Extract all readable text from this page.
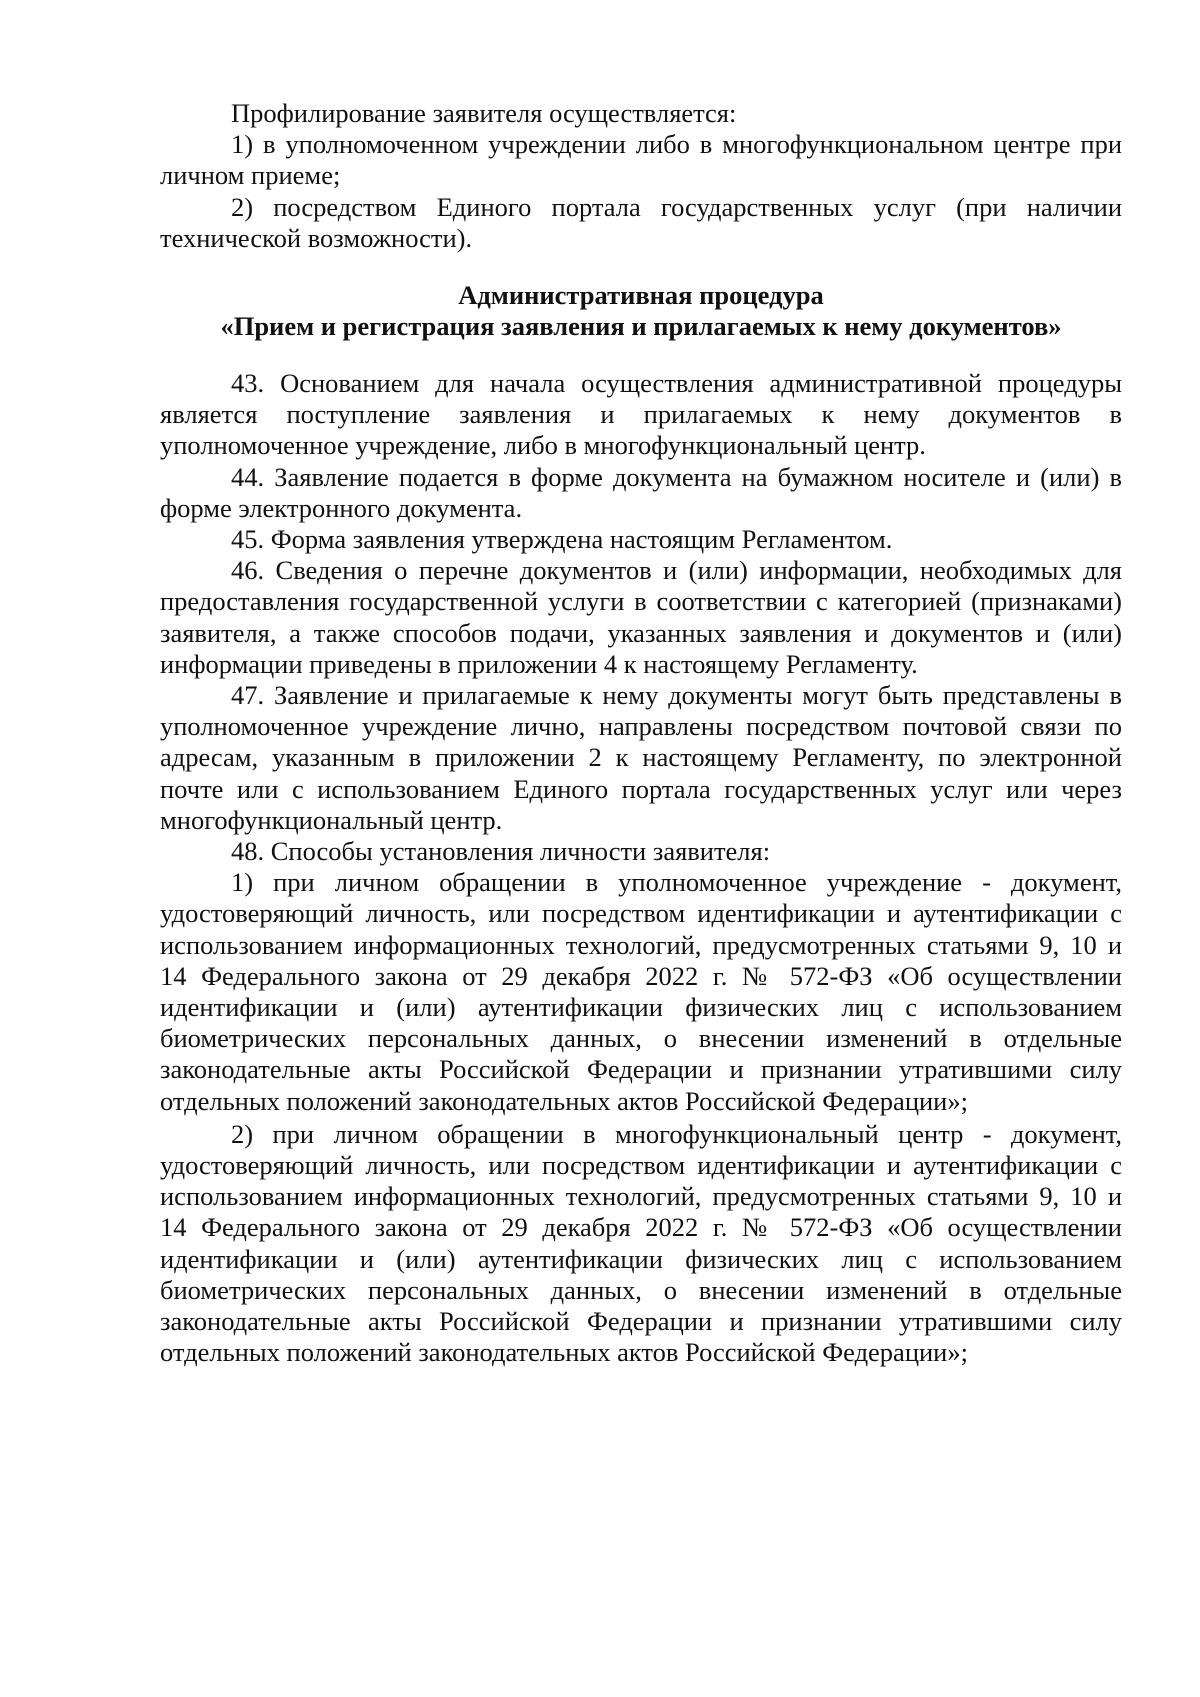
Профилирование заявителя осуществляется:

1) в уполномоченном учреждении либо в многофункциональном центре при личном приеме;

2) посредством Единого портала государственных услуг (при наличии технической возможности).

Административная процедура

«Прием и регистрация заявления и прилагаемых к нему документов»

43. Основанием для начала осуществления административной процедуры является поступление заявления и прилагаемых к нему документов в уполномоченное учреждение, либо в многофункциональный центр.

44. Заявление подается в форме документа на бумажном носителе и (или) в форме электронного документа.

45. Форма заявления утверждена настоящим Регламентом.

46. Сведения о перечне документов и (или) информации, необходимых для предоставления государственной услуги в соответствии с категорией (признаками) заявителя, а также способов подачи, указанных заявления и документов и (или) информации приведены в приложении 4 к настоящему Регламенту.

47. Заявление и прилагаемые к нему документы могут быть представлены в уполномоченное учреждение лично, направлены посредством почтовой связи по адресам, указанным в приложении 2 к настоящему Регламенту, по электронной почте или с использованием Единого портала государственных услуг или через многофункциональный центр.

48. Способы установления личности заявителя:

1) при личном обращении в уполномоченное учреждение - документ, удостоверяющий личность, или посредством идентификации и аутентификации с использованием информационных технологий, предусмотренных статьями 9, 10 и 14 Федерального закона от 29 декабря 2022 г. № 572-ФЗ «Об осуществлении идентификации и (или) аутентификации физических лиц с использованием биометрических персональных данных, о внесении изменений в отдельные законодательные акты Российской Федерации и признании утратившими силу отдельных положений законодательных актов Российской Федерации»;

2) при личном обращении в многофункциональный центр - документ, удостоверяющий личность, или посредством идентификации и аутентификации с использованием информационных технологий, предусмотренных статьями 9, 10 и 14 Федерального закона от 29 декабря 2022 г. № 572-ФЗ «Об осуществлении идентификации и (или) аутентификации физических лиц с использованием биометрических персональных данных, о внесении изменений в отдельные законодательные акты Российской Федерации и признании утратившими силу отдельных положений законодательных актов Российской Федерации»;
